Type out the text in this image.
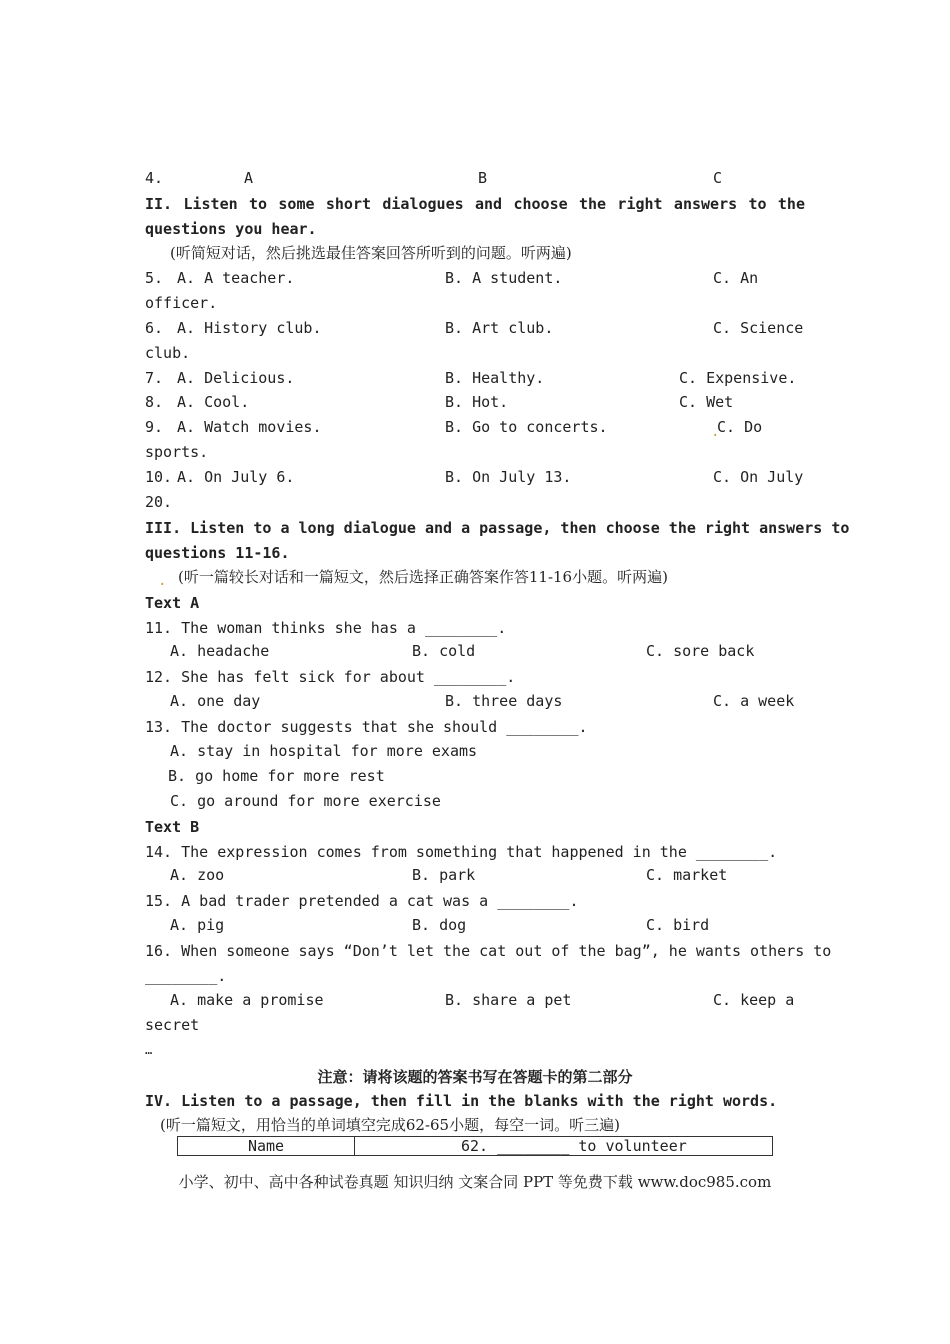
4.	A	B	C
II. Listen to some short dialogues and choose the right answers to the
questions you hear.
(听简短对话，然后挑选最佳答案回答所听到的问题。听两遍)
5. A. A teacher.	B. A student.	C. An
officer.
6. A. History club.	B. Art club.	C. Science
club.
7. A. Delicious.	B. Healthy.	C. Expensive.
8. A. Cool.	B. Hot.	C. Wet
9. A. Watch movies.	B. Go to concerts.	.
C. Do
sports.
10. A. On July 6.	B. On July 13.	C. On July
20.
III. Listen to a long dialogue and a passage, then choose the right answers to
questions 11-16.
. (听一篇较长对话和一篇短文，然后选择正确答案作答11-16小题。听两遍)
Text A
11. The woman thinks she has a ________.
A. headache	B. cold	C. sore back
12. She has felt sick for about ________.
A. one day	B. three days	C. a week
13. The doctor suggests that she should ________.
A. stay in hospital for more exams
B. go home for more rest
C. go around for more exercise
Text B
14. The expression comes from something that happened in the ________.
A. zoo	B. park	C. market
15. A bad trader pretended a cat was a ________.
A. pig	B. dog	C. bird
16. When someone says “Don’t let the cat out of the bag”, he wants others to
________.
A. make a promise	B. share a pet	C. keep a
secret
…
注意：请将该题的答案书写在答题卡的第二部分
IV. Listen to a passage, then fill in the blanks with the right words.
(听一篇短文，用恰当的单词填空完成62-65小题，每空一词。听三遍)
Name	62. ________ to volunteer
小学、初中、高中各种试卷真题 知识归纳 文案合同 PPT 等免费下载 www.doc985.com
